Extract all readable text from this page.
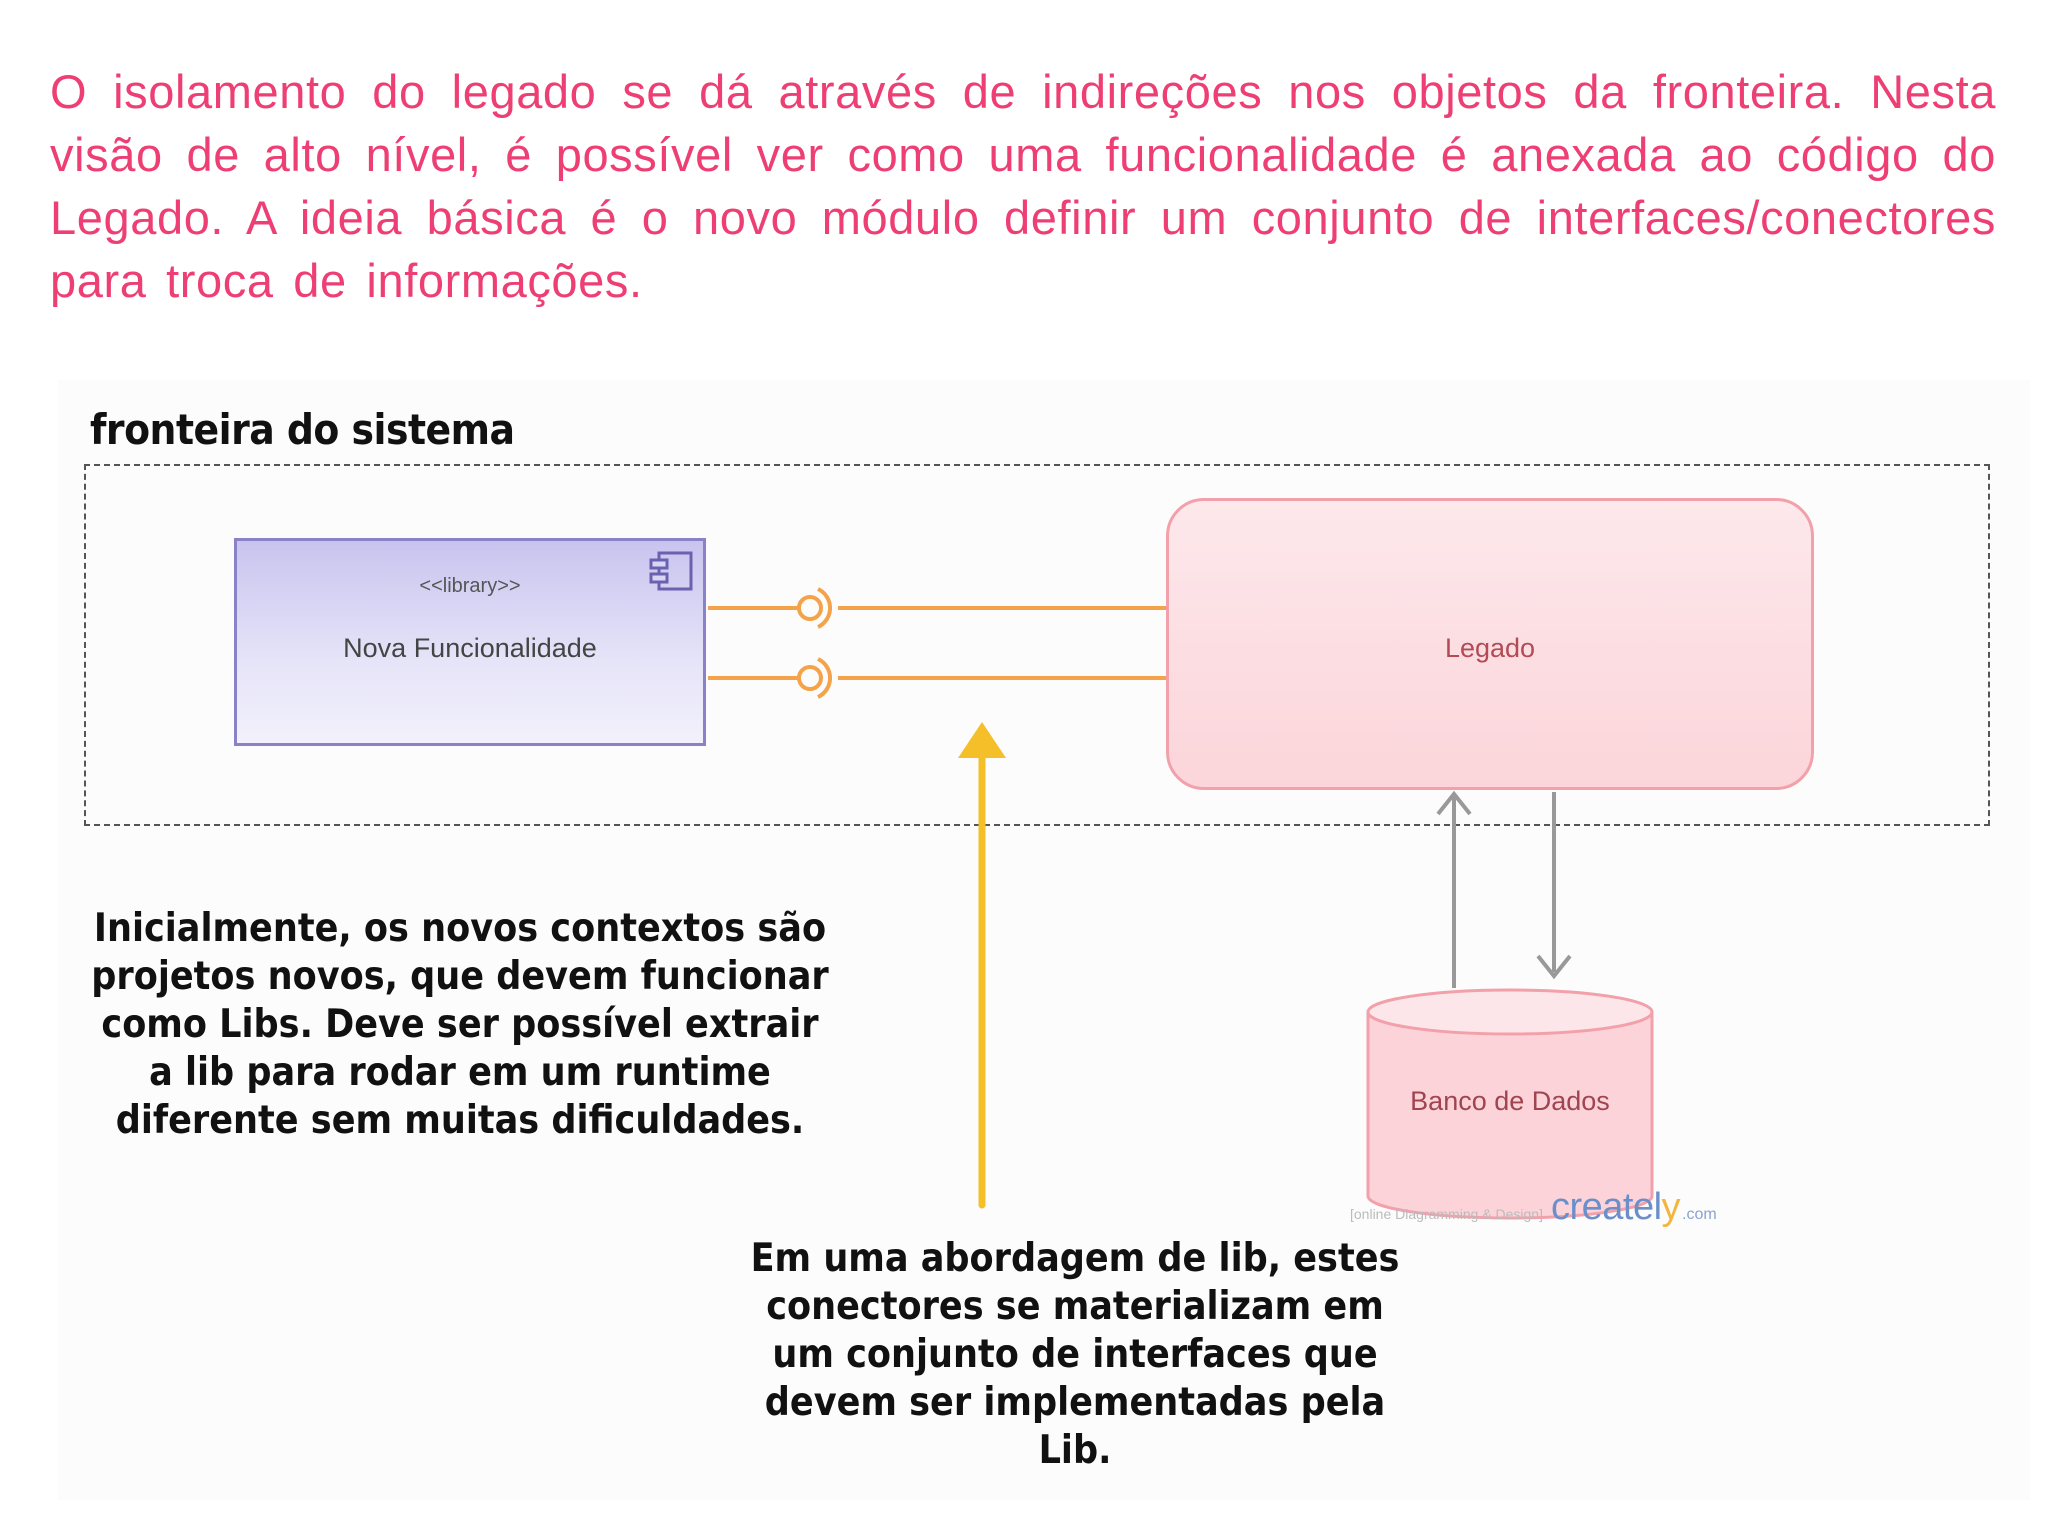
O isolamento do legado se dá através de indireções nos objetos da fronteira. Nesta visão de alto nível, é possível ver como uma funcionalidade é anexada ao código do Legado. A ideia básica é o novo módulo definir um conjunto de interfaces/conectores para troca de informações.

fronteira do sistema
<<library>>
Nova Funcionalidade	Legado
Banco de Dados
[online Diagramming & Design] creately .com

Inicialmente, os novos contextos são projetos novos, que devem funcionar como Libs. Deve ser possível extrair a lib para rodar em um runtime diferente sem muitas dificuldades.

Em uma abordagem de lib, estes conectores se materializam em um conjunto de interfaces que devem ser implementadas pela Lib.
